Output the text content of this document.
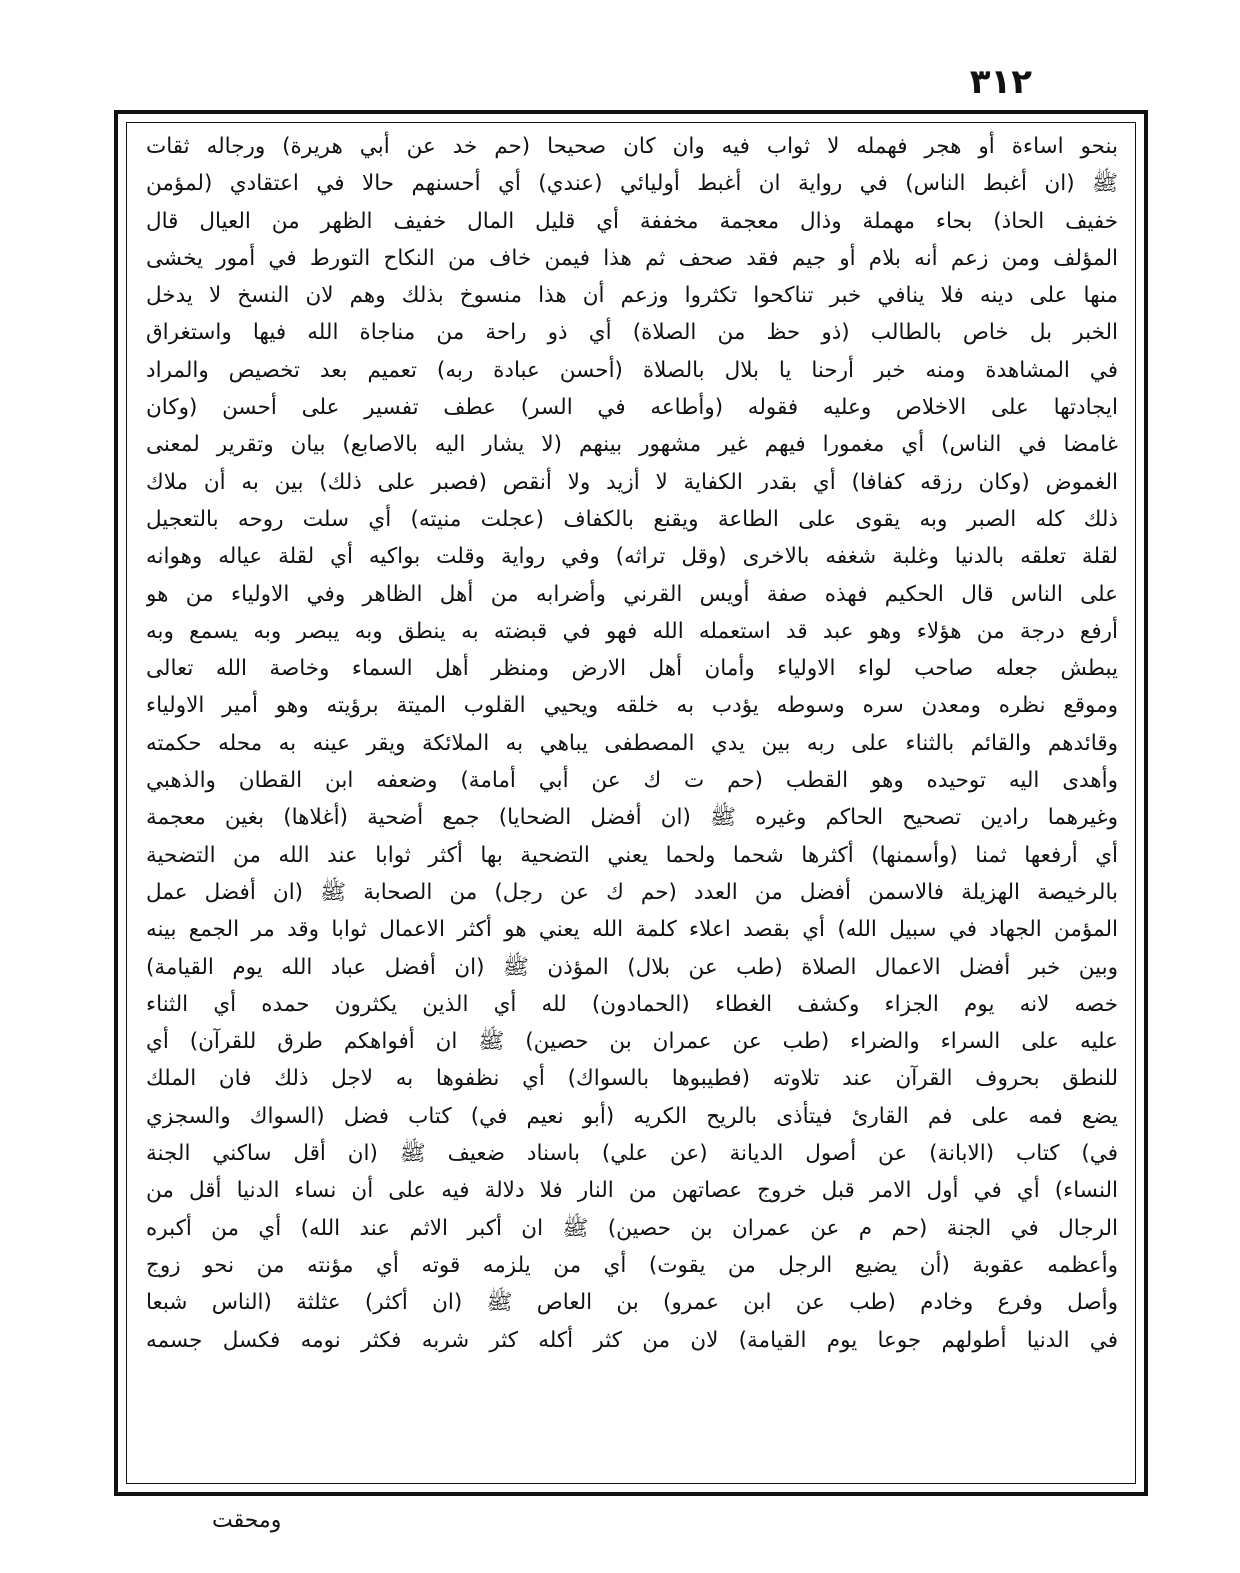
٣١٢
بنحو اساءة أو هجر فهمله لا ثواب فيه وان كان صحيحا (حم خد عن أبي هريرة) ورجاله ثقات
ﷺ (ان أغبط الناس) في رواية ان أغبط أوليائي (عندي) أي أحسنهم حالا في اعتقادي (لمؤمن
خفيف الحاذ) بحاء مهملة وذال معجمة مخففة أي قليل المال خفيف الظهر من العيال قال
المؤلف ومن زعم أنه بلام أو جيم فقد صحف ثم هذا فيمن خاف من النكاح التورط في أمور يخشى
منها على دينه فلا ينافي خبر تناكحوا تكثروا وزعم أن هذا منسوخ بذلك وهم لان النسخ لا يدخل
الخبر بل خاص بالطالب (ذو حظ من الصلاة) أي ذو راحة من مناجاة الله فيها واستغراق
في المشاهدة ومنه خبر أرحنا يا بلال بالصلاة (أحسن عبادة ربه) تعميم بعد تخصيص والمراد
ايجادتها على الاخلاص وعليه فقوله (وأطاعه في السر) عطف تفسير على أحسن (وكان
غامضا في الناس) أي مغمورا فيهم غير مشهور بينهم (لا يشار اليه بالاصابع) بيان وتقرير لمعنى
الغموض (وكان رزقه كفافا) أي بقدر الكفاية لا أزيد ولا أنقص (فصبر على ذلك) بين به أن ملاك
ذلك كله الصبر وبه يقوى على الطاعة ويقنع بالكفاف (عجلت منيته) أي سلت روحه بالتعجيل
لقلة تعلقه بالدنيا وغلبة شغفه بالاخرى (وقل تراثه) وفي رواية وقلت بواكيه أي لقلة عياله وهوانه
على الناس قال الحكيم فهذه صفة أويس القرني وأضرابه من أهل الظاهر وفي الاولياء من هو
أرفع درجة من هؤلاء وهو عبد قد استعمله الله فهو في قبضته به ينطق وبه يبصر وبه يسمع وبه
يبطش جعله صاحب لواء الاولياء وأمان أهل الارض ومنظر أهل السماء وخاصة الله تعالى
وموقع نظره ومعدن سره وسوطه يؤدب به خلقه ويحيي القلوب الميتة برؤيته وهو أمير الاولياء
وقائدهم والقائم بالثناء على ربه بين يدي المصطفى يباهي به الملائكة ويقر عينه به محله حكمته
وأهدى اليه توحيده وهو القطب (حم ت ك عن أبي أمامة) وضعفه ابن القطان والذهبي
وغيرهما رادين تصحيح الحاكم وغيره ﷺ (ان أفضل الضحايا) جمع أضحية (أغلاها) بغين معجمة
أي أرفعها ثمنا (وأسمنها) أكثرها شحما ولحما يعني التضحية بها أكثر ثوابا عند الله من التضحية
بالرخيصة الهزيلة فالاسمن أفضل من العدد (حم ك عن رجل) من الصحابة ﷺ (ان أفضل عمل
المؤمن الجهاد في سبيل الله) أي بقصد اعلاء كلمة الله يعني هو أكثر الاعمال ثوابا وقد مر الجمع بينه
وبين خبر أفضل الاعمال الصلاة (طب عن بلال) المؤذن ﷺ (ان أفضل عباد الله يوم القيامة)
خصه لانه يوم الجزاء وكشف الغطاء (الحمادون) لله أي الذين يكثرون حمده أي الثناء
عليه على السراء والضراء (طب عن عمران بن حصين) ﷺ ان أفواهكم طرق للقرآن) أي
للنطق بحروف القرآن عند تلاوته (فطيبوها بالسواك) أي نظفوها به لاجل ذلك فان الملك
يضع فمه على فم القارئ فيتأذى بالريح الكريه (أبو نعيم في) كتاب فضل (السواك والسجزي
في) كتاب (الابانة) عن أصول الديانة (عن علي) باسناد ضعيف ﷺ (ان أقل ساكني الجنة
النساء) أي في أول الامر قبل خروج عصاتهن من النار فلا دلالة فيه على أن نساء الدنيا أقل من
الرجال في الجنة (حم م عن عمران بن حصين) ﷺ ان أكبر الاثم عند الله) أي من أكبره
وأعظمه عقوبة (أن يضيع الرجل من يقوت) أي من يلزمه قوته أي مؤنته من نحو زوج
وأصل وفرع وخادم (طب عن ابن عمرو) بن العاص ﷺ (ان أكثر) عثلثة (الناس شبعا
في الدنيا أطولهم جوعا يوم القيامة) لان من كثر أكله كثر شربه فكثر نومه فكسل جسمه
ومحقت
